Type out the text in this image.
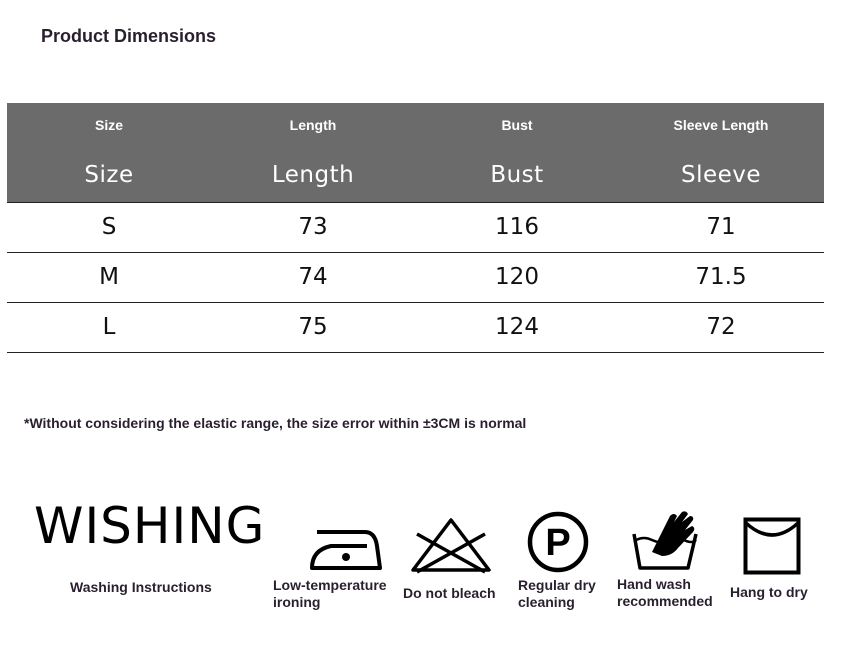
Product Dimensions
Size	Length	Bust	Sleeve Length
Size	Length	Bust	Sleeve
S	73	116	71
M	74	120	71.5
L	75	124	72
*Without considering the elastic range, the size error within ±3CM is normal
WISHING
Washing Instructions	Low-temperature
ironing
Do not bleach
P
Regular dry
cleaning
Hand wash
recommended
Hang to dry
